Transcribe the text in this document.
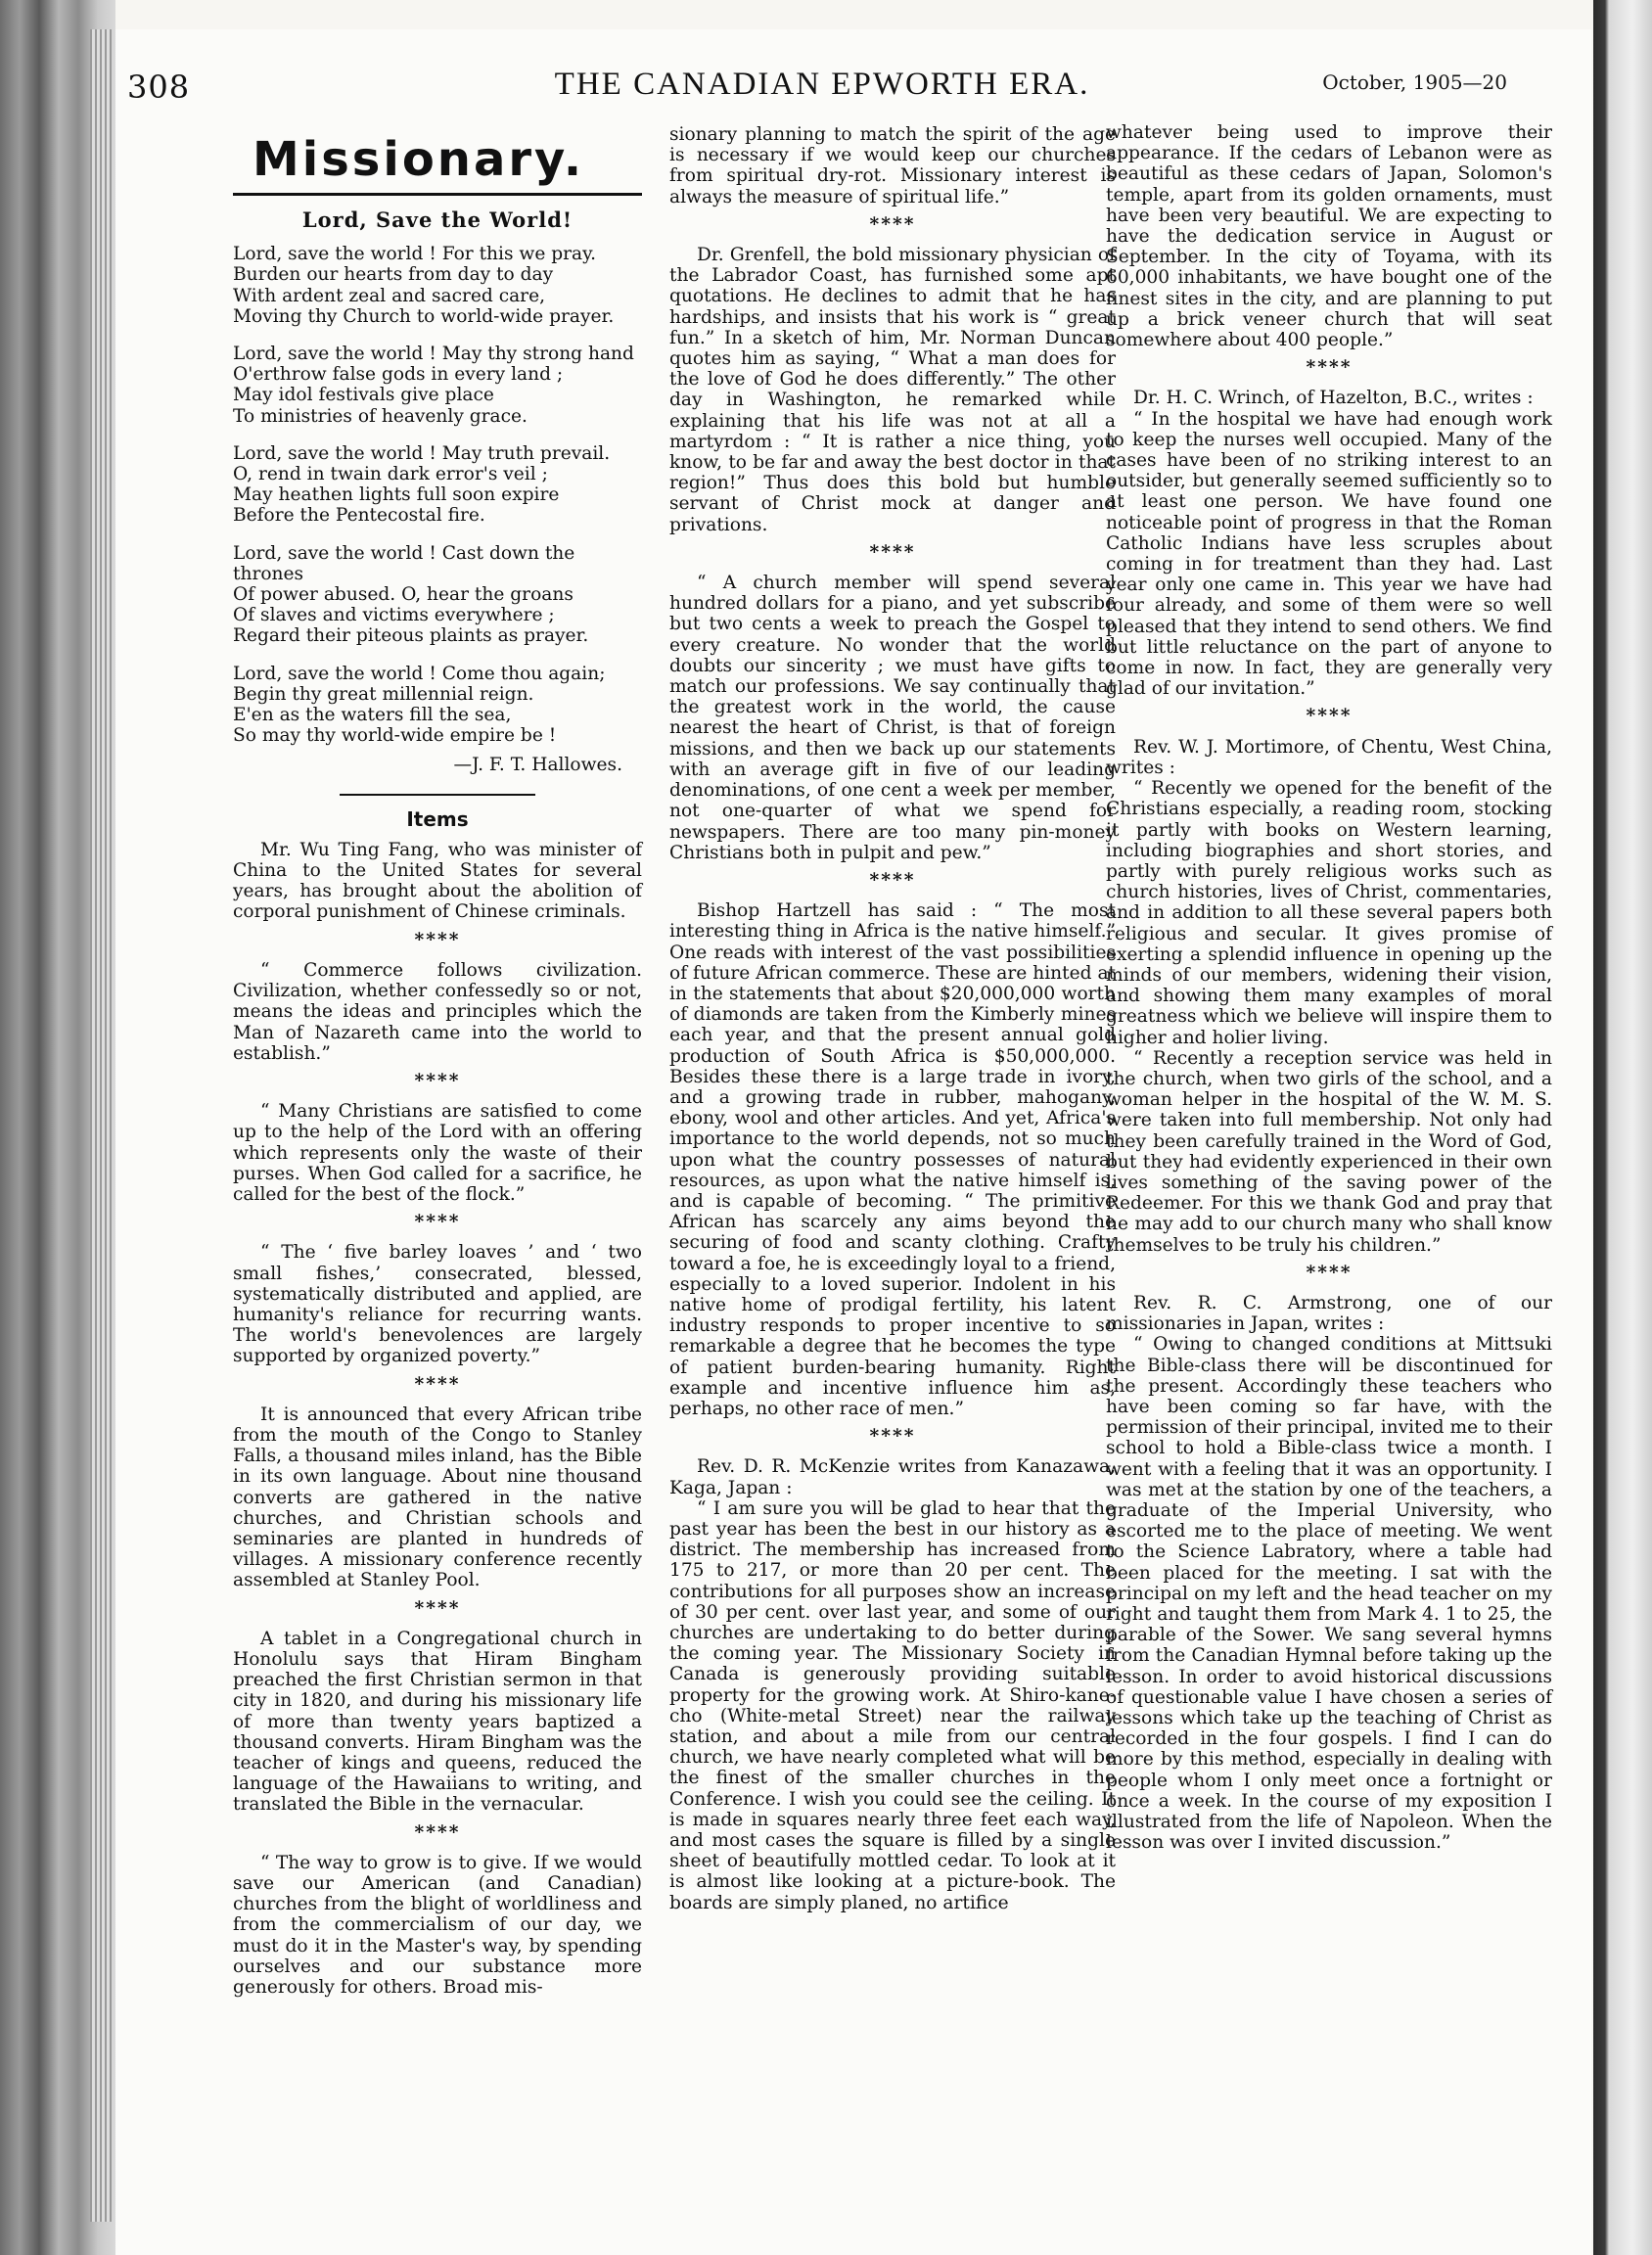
308	THE CANADIAN EPWORTH ERA.	October, 1905—20
Missionary.
Lord, Save the World!
Lord, save the world ! For this we pray.
Burden our hearts from day to day
With ardent zeal and sacred care,
Moving thy Church to world-wide prayer.
Lord, save the world ! May thy strong hand
O'erthrow false gods in every land ;
May idol festivals give place
To ministries of heavenly grace.
Lord, save the world ! May truth prevail.
O, rend in twain dark error's veil ;
May heathen lights full soon expire
Before the Pentecostal fire.
Lord, save the world ! Cast down the thrones
Of power abused. O, hear the groans
Of slaves and victims everywhere ;
Regard their piteous plaints as prayer.
Lord, save the world ! Come thou again;
Begin thy great millennial reign.
E'en as the waters fill the sea,
So may thy world-wide empire be !
—J. F. T. Hallowes.
Items

Mr. Wu Ting Fang, who was minister of China to the United States for several years, has brought about the abolition of corporal punishment of Chinese criminals.

****

“ Commerce follows civilization. Civilization, whether confessedly so or not, means the ideas and principles which the Man of Nazareth came into the world to establish.”

****

“ Many Christians are satisfied to come up to the help of the Lord with an offering which represents only the waste of their purses. When God called for a sacrifice, he called for the best of the flock.”

****

“ The ‘ five barley loaves ’ and ‘ two small fishes,’ consecrated, blessed, systematically distributed and applied, are humanity's reliance for recurring wants. The world's benevolences are largely supported by organized poverty.”

****

It is announced that every African tribe from the mouth of the Congo to Stanley Falls, a thousand miles inland, has the Bible in its own language. About nine thousand converts are gathered in the native churches, and Christian schools and seminaries are planted in hundreds of villages. A missionary conference recently assembled at Stanley Pool.

****

A tablet in a Congregational church in Honolulu says that Hiram Bingham preached the first Christian sermon in that city in 1820, and during his missionary life of more than twenty years baptized a thousand converts. Hiram Bingham was the teacher of kings and queens, reduced the language of the Hawaiians to writing, and translated the Bible in the vernacular.

****

“ The way to grow is to give. If we would save our American (and Canadian) churches from the blight of worldliness and from the commercialism of our day, we must do it in the Master's way, by spending ourselves and our substance more generously for others. Broad mis-

sionary planning to match the spirit of the age is necessary if we would keep our churches from spiritual dry-rot. Missionary interest is always the measure of spiritual life.”

****

Dr. Grenfell, the bold missionary physician of the Labrador Coast, has furnished some apt quotations. He declines to admit that he has hardships, and insists that his work is “ great fun.” In a sketch of him, Mr. Norman Duncan quotes him as saying, “ What a man does for the love of God he does differently.” The other day in Washington, he remarked while explaining that his life was not at all a martyrdom : “ It is rather a nice thing, you know, to be far and away the best doctor in that region!” Thus does this bold but humble servant of Christ mock at danger and privations.

****

“ A church member will spend several hundred dollars for a piano, and yet subscribe but two cents a week to preach the Gospel to every creature. No wonder that the world doubts our sincerity ; we must have gifts to match our professions. We say continually that the greatest work in the world, the cause nearest the heart of Christ, is that of foreign missions, and then we back up our statements with an average gift in five of our leading denominations, of one cent a week per member, not one-quarter of what we spend for newspapers. There are too many pin-money Christians both in pulpit and pew.”

****

Bishop Hartzell has said : “ The most interesting thing in Africa is the native himself.” One reads with interest of the vast possibilities of future African commerce. These are hinted at in the statements that about $20,000,000 worth of diamonds are taken from the Kimberly mines each year, and that the present annual gold production of South Africa is $50,000,000. Besides these there is a large trade in ivory, and a growing trade in rubber, mahogany, ebony, wool and other articles. And yet, Africa's importance to the world depends, not so much upon what the country possesses of natural resources, as upon what the native himself is, and is capable of becoming. “ The primitive African has scarcely any aims beyond the securing of food and scanty clothing. Crafty toward a foe, he is exceedingly loyal to a friend, especially to a loved superior. Indolent in his native home of prodigal fertility, his latent industry responds to proper incentive to so remarkable a degree that he becomes the type of patient burden-bearing humanity. Right example and incentive influence him as, perhaps, no other race of men.”

****

Rev. D. R. McKenzie writes from Kanazawa, Kaga, Japan :

“ I am sure you will be glad to hear that the past year has been the best in our history as a district. The membership has increased from 175 to 217, or more than 20 per cent. The contributions for all purposes show an increase of 30 per cent. over last year, and some of our churches are undertaking to do better during the coming year. The Missionary Society in Canada is generously providing suitable property for the growing work. At Shiro-kane-cho (White-metal Street) near the railway station, and about a mile from our central church, we have nearly completed what will be the finest of the smaller churches in the Conference. I wish you could see the ceiling. It is made in squares nearly three feet each way, and most cases the square is filled by a single sheet of beautifully mottled cedar. To look at it is almost like looking at a picture-book. The boards are simply planed, no artifice

whatever being used to improve their appearance. If the cedars of Lebanon were as beautiful as these cedars of Japan, Solomon's temple, apart from its golden ornaments, must have been very beautiful. We are expecting to have the dedication service in August or September. In the city of Toyama, with its 60,000 inhabitants, we have bought one of the finest sites in the city, and are planning to put up a brick veneer church that will seat somewhere about 400 people.”

****

Dr. H. C. Wrinch, of Hazelton, B.C., writes :

“ In the hospital we have had enough work to keep the nurses well occupied. Many of the cases have been of no striking interest to an outsider, but generally seemed sufficiently so to at least one person. We have found one noticeable point of progress in that the Roman Catholic Indians have less scruples about coming in for treatment than they had. Last year only one came in. This year we have had four already, and some of them were so well pleased that they intend to send others. We find but little reluctance on the part of anyone to come in now. In fact, they are generally very glad of our invitation.”

****

Rev. W. J. Mortimore, of Chentu, West China, writes :

“ Recently we opened for the benefit of the Christians especially, a reading room, stocking it partly with books on Western learning, including biographies and short stories, and partly with purely religious works such as church histories, lives of Christ, commentaries, and in addition to all these several papers both religious and secular. It gives promise of exerting a splendid influence in opening up the minds of our members, widening their vision, and showing them many examples of moral greatness which we believe will inspire them to higher and holier living.

“ Recently a reception service was held in the church, when two girls of the school, and a woman helper in the hospital of the W. M. S. were taken into full membership. Not only had they been carefully trained in the Word of God, but they had evidently experienced in their own lives something of the saving power of the Redeemer. For this we thank God and pray that he may add to our church many who shall know themselves to be truly his children.”

****

Rev. R. C. Armstrong, one of our missionaries in Japan, writes :

“ Owing to changed conditions at Mittsuki the Bible-class there will be discontinued for the present. Accordingly these teachers who have been coming so far have, with the permission of their principal, invited me to their school to hold a Bible-class twice a month. I went with a feeling that it was an opportunity. I was met at the station by one of the teachers, a graduate of the Imperial University, who escorted me to the place of meeting. We went to the Science Labratory, where a table had been placed for the meeting. I sat with the principal on my left and the head teacher on my right and taught them from Mark 4. 1 to 25, the parable of the Sower. We sang several hymns from the Canadian Hymnal before taking up the lesson. In order to avoid historical discussions of questionable value I have chosen a series of lessons which take up the teaching of Christ as recorded in the four gospels. I find I can do more by this method, especially in dealing with people whom I only meet once a fortnight or once a week. In the course of my exposition I illustrated from the life of Napoleon. When the lesson was over I invited discussion.”
